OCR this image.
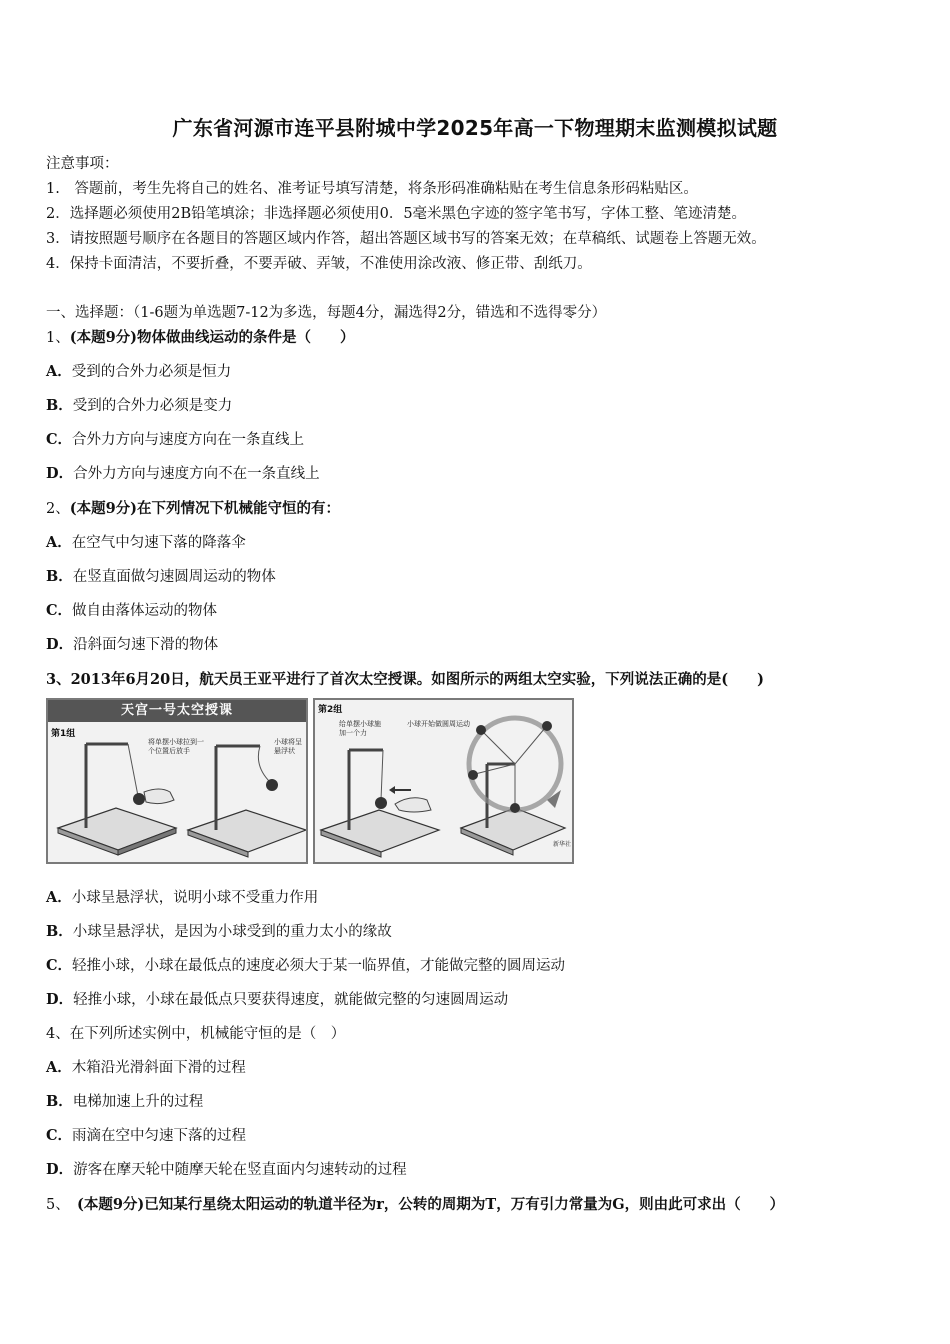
广东省河源市连平县附城中学2025年高一下物理期末监测模拟试题
注意事项：
1.　答题前，考生先将自己的姓名、准考证号填写清楚，将条形码准确粘贴在考生信息条形码粘贴区。
2．选择题必须使用2B铅笔填涂；非选择题必须使用0．5毫米黑色字迹的签字笔书写，字体工整、笔迹清楚。
3．请按照题号顺序在各题目的答题区域内作答，超出答题区域书写的答案无效；在草稿纸、试题卷上答题无效。
4．保持卡面清洁，不要折叠，不要弄破、弄皱，不准使用涂改液、修正带、刮纸刀。
一、选择题：（1-6题为单选题7-12为多选，每题4分，漏选得2分，错选和不选得零分）
1、(本题9分)物体做曲线运动的条件是（　　）
A．受到的合外力必须是恒力
B．受到的合外力必须是变力
C．合外力方向与速度方向在一条直线上
D．合外力方向与速度方向不在一条直线上
2、(本题9分)在下列情况下机械能守恒的有：
A．在空气中匀速下落的降落伞
B．在竖直面做匀速圆周运动的物体
C．做自由落体运动的物体
D．沿斜面匀速下滑的物体
3、2013年6月20日，航天员王亚平进行了首次太空授课。如图所示的两组太空实验，下列说法正确的是(　　)
天宫一号太空授课
第1组
将单摆小球拉到一个位置后放手
小球将呈悬浮状
第2组
给单摆小球施加一个力
小球开始做圆周运动
新华社
A．小球呈悬浮状，说明小球不受重力作用
B．小球呈悬浮状，是因为小球受到的重力太小的缘故
C．轻推小球，小球在最低点的速度必须大于某一临界值，才能做完整的圆周运动
D．轻推小球，小球在最低点只要获得速度，就能做完整的匀速圆周运动
4、在下列所述实例中，机械能守恒的是（　）
A．木箱沿光滑斜面下滑的过程
B．电梯加速上升的过程
C．雨滴在空中匀速下落的过程
D．游客在摩天轮中随摩天轮在竖直面内匀速转动的过程
5、　 (本题9分)已知某行星绕太阳运动的轨道半径为r，公转的周期为T，万有引力常量为G，则由此可求出（　　）
